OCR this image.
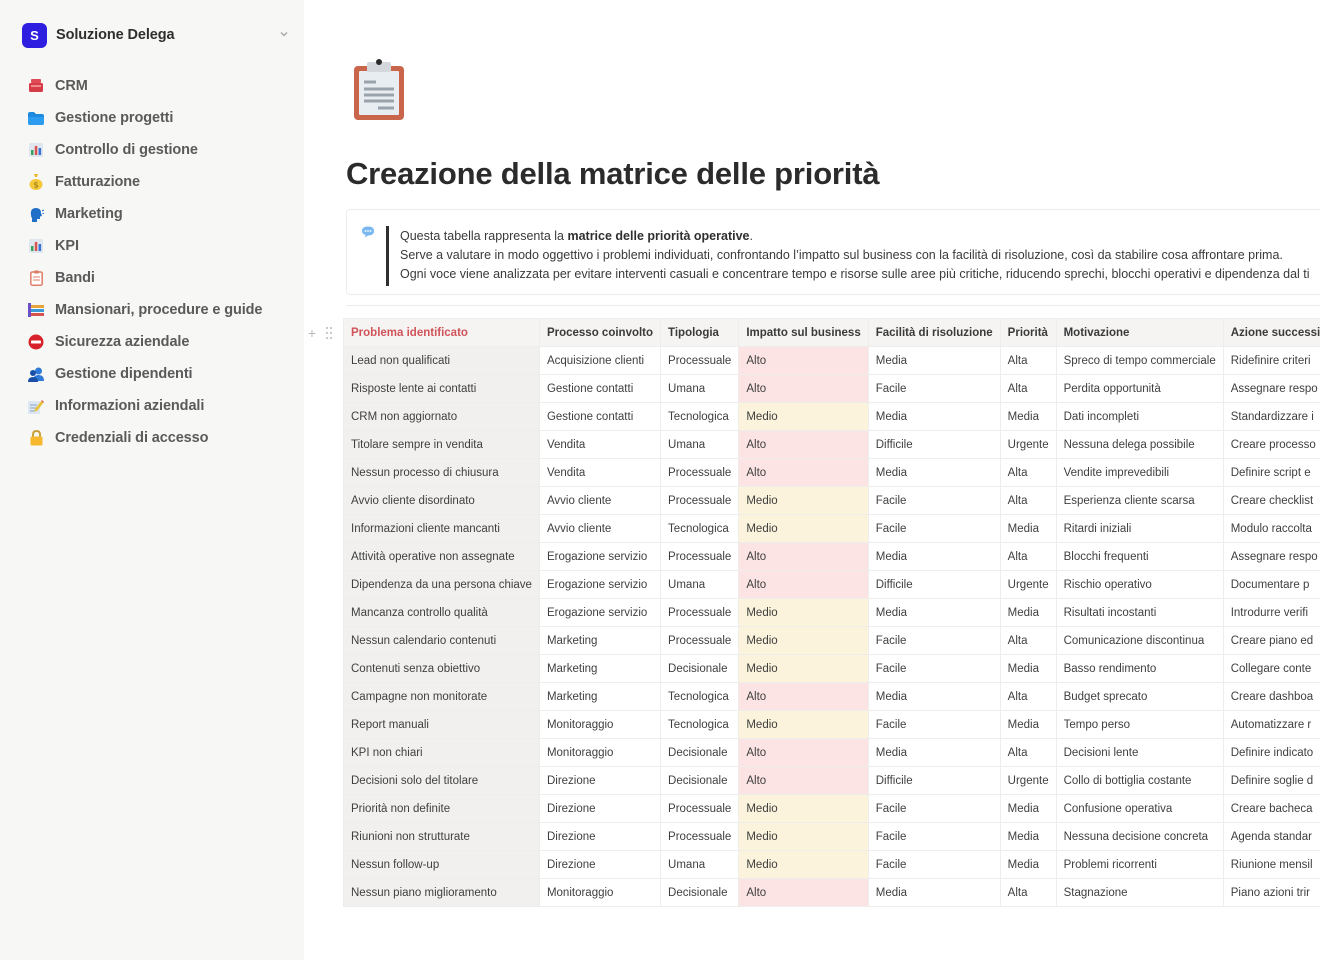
S	Soluzione Delega
CRM
Gestione progetti
Controllo di gestione
$ Fatturazione
Marketing
KPI
Bandi
Mansionari, procedure e guide
Sicurezza aziendale
Gestione dipendenti
Informazioni aziendali
Credenziali di accesso
Creazione della matrice delle priorità
Questa tabella rappresenta la matrice delle priorità operative.
Serve a valutare in modo oggettivo i problemi individuati, confrontando l’impatto sul business con la facilità di risoluzione, così da stabilire cosa affrontare prima.
Ogni voce viene analizzata per evitare interventi casuali e concentrare tempo e risorse sulle aree più critiche, riducendo sprechi, blocchi operativi e dipendenza dal ti
+	Problema identificato	Processo coinvolto	Tipologia	Impatto sul business	Facilità di risoluzione	Priorità	Motivazione	Azione successi
Lead non qualificati	Acquisizione clienti	Processuale	Alto	Media	Alta	Spreco di tempo commerciale	Ridefinire criteri
Risposte lente ai contatti	Gestione contatti	Umana	Alto	Facile	Alta	Perdita opportunità	Assegnare respo
CRM non aggiornato	Gestione contatti	Tecnologica	Medio	Media	Media	Dati incompleti	Standardizzare i
Titolare sempre in vendita	Vendita	Umana	Alto	Difficile	Urgente	Nessuna delega possibile	Creare processo
Nessun processo di chiusura	Vendita	Processuale	Alto	Media	Alta	Vendite imprevedibili	Definire script e
Avvio cliente disordinato	Avvio cliente	Processuale	Medio	Facile	Alta	Esperienza cliente scarsa	Creare checklist
Informazioni cliente mancanti	Avvio cliente	Tecnologica	Medio	Facile	Media	Ritardi iniziali	Modulo raccolta
Attività operative non assegnate	Erogazione servizio	Processuale	Alto	Media	Alta	Blocchi frequenti	Assegnare respo
Dipendenza da una persona chiave	Erogazione servizio	Umana	Alto	Difficile	Urgente	Rischio operativo	Documentare p
Mancanza controllo qualità	Erogazione servizio	Processuale	Medio	Media	Media	Risultati incostanti	Introdurre verifi
Nessun calendario contenuti	Marketing	Processuale	Medio	Facile	Alta	Comunicazione discontinua	Creare piano ed
Contenuti senza obiettivo	Marketing	Decisionale	Medio	Facile	Media	Basso rendimento	Collegare conte
Campagne non monitorate	Marketing	Tecnologica	Alto	Media	Alta	Budget sprecato	Creare dashboa
Report manuali	Monitoraggio	Tecnologica	Medio	Facile	Media	Tempo perso	Automatizzare r
KPI non chiari	Monitoraggio	Decisionale	Alto	Media	Alta	Decisioni lente	Definire indicato
Decisioni solo del titolare	Direzione	Decisionale	Alto	Difficile	Urgente	Collo di bottiglia costante	Definire soglie d
Priorità non definite	Direzione	Processuale	Medio	Facile	Media	Confusione operativa	Creare bacheca
Riunioni non strutturate	Direzione	Processuale	Medio	Facile	Media	Nessuna decisione concreta	Agenda standar
Nessun follow-up	Direzione	Umana	Medio	Facile	Media	Problemi ricorrenti	Riunione mensil
Nessun piano miglioramento	Monitoraggio	Decisionale	Alto	Media	Alta	Stagnazione	Piano azioni trir
